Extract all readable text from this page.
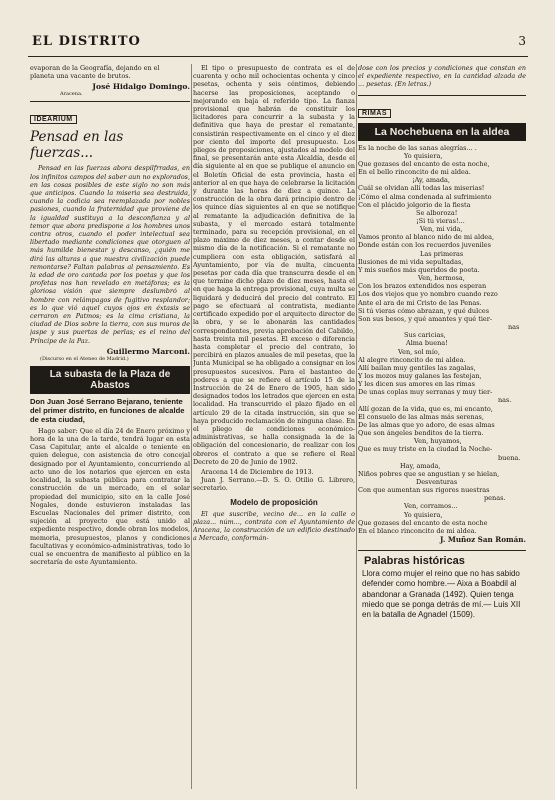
EL DISTRITO	3
evaporan de la Geografía, dejando en el
planeta una vacante de brutos.
José Hidalgo Domingo.
Aracena.
IDEARIUM
Pensad en las fuerzas...

Pensad en las fuerzas abora despilfrradas, en los infinitos campos del saber aun no explorados, en las cosas posibles de este siglo no son más que anticipos. Cuando la miseria sea destruida, cuando la codicia sea reemplazada por nobles pasiones, cuando la fraternidad que proviene de la igualdad sustituya a la desconfianza y al temor que abora predispone a los hombres unos contra otros, cuando el poder intelectual sea libertado mediante condiciones que otorguen al más humilde bienestar y descanso, ¿quién me dirá las alturas a que nuestra civilización puede remontarse? Faltan palabras al pensamiento. Es la edad de oro cantada por los poetas y que los profetas nos han revelado en metáforas; es la gloriosa visión que siempre deslumbró al hombre con relámpagos de fugitivo resplandor; es lo que vió aquel cuyos ojos en éxtasis se cerraron en Patmos; es la cima cristiana, la ciudad de Dios sobre la tierra, con sus muros de jaspe y sus puertas de perlas; es el reino del Príncipe de la Paz.

Guillermo Marconi.
(Discurso en el Ateneo de Madrid.)
La subasta de la Plaza de Abastos
Don Juan José Serrano Bejarano, teniente del primer distrito, en funciones de alcalde de esta ciudad,

Hago saber: Que el día 24 de Enero próximo y hora de la una de la tarde, tendrá lugar en esta Casa Capitular, ante el alcalde o teniente en quien delegue, con asistencia de otro concejal designado por el Ayuntamiento, concurriendo al acto uno de los notarios que ejercen en esta localidad, la subasta pública para contratar la construcción de un mercado, en el solar propiedad del municipio, sito en la calle José Nogales, donde estuvieron instaladas las Escuelas Nacionales del primer distrito, con sujeción al proyecto que está unido al expediente respectivo, donde obran los modelos, memoria, presupuestos, planos y condiciones facultativas y económico-administrativas, todo lo cual se encuentra de manifiesto al público en la secretaría de este Ayuntamiento.

El tipo o presupuesto de contrata es el de cuarenta y ocho mil ochocientas ochenta y cinco pesetas, ochenta y seis céntimos, debiendo hacerse las proposiciones, aceptando o mejorando en baja el referido tipo. La fianza provisional que habrán de constituir los licitadores para concurrir a la subasta y la definitiva que haya de prestar el rematante, consistirán respectivamente en el cinco y el diez por ciento del importe del presupuesto. Los pliegos de proposiciones, ajustados al modelo del final, se presentarán ante esta Alcaldía, desde el día siguiente al en que se publique el anuncio en el Boletín Oficial de esta provincia, hasta el anterior al en que haya de celebrarse la licitación y durante las horas de diez a quince. La construcción de la obra dará principio dentro de los quince días siguientes al en que se notifique al rematante la adjudicación definitiva de la subasta, y el mercado estará totalmente terminado, para su recepción provisional, en el plazo máximo de diez meses, a contar desde el mismo día de la notificación. Si el rematante no cumpliera con esta obligación, satisfará al Ayuntamiento, por vía de multa, cincuenta pesetas por cada día que transcurra desde el en que termine dicho plazo de diez meses, hasta el en que haga la entrega provisional, cuya multa se liquidará y deducirá del precio del contrato. El pago se efectuará al contratista, mediante certificado expedido por el arquitecto director de la obra, y se le abonarán las cantidades correspondientes, previa aprobación del Cabildo, hasta treinta mil pesetas. El exceso o diferencia hasta completar el precio del contrato, lo percibirá en plazos anuales de mil pesetas, que la Junta Municipal se ha obligado a consignar en los presupuestos sucesivos. Para el bastanteo de poderes a que se refiere el artículo 15 de la Instrucción de 24 de Enero de 1905, han sido designados todos los letrados que ejercen en esta localidad. Ha transcurrido el plazo fijado en el artículo 29 de la citada instrucción, sin que se haya producido reclamación de ninguna clase. En el pliego de condiciones económico-administrativas, se halla consignada la de la obligación del concesionario, de realizar con los obreros el contrato a que se refiere el Real Decreto de 20 de Junio de 1902.

Aracena 14 de Diciembre de 1913.

Juan J. Serrano.—D. S. O. Otilio G. Librero, secretario.

Modelo de proposición

El que suscribe, vecino de... en la calle o plaza... núm..., contrata con el Ayuntamiento de Aracena, la construcción de un edificio destinado a Mercado, conformán-

dose con los precios y condiciones que constan en el expediente respectivo, en la cantidad alzada de ... pesetas. (En letras.)

RIMAS
La Nochebuena en la aldea
Es la noche de las sanas alegrías... .
Yo quisiera,
Que gozases del encanto de esta noche,
En el bello rinconcito de mi aldea.
¡Ay, amada,
Cuál se olvidan allí todas las miserias!
¡Cómo el alma condenada al sufrimiento
Con el plácido jolgorio de la fiesta
Se alboroza!
¡Si tú vieras!...
Ven, mi vida,
Vamos pronto al blanco nido de mi aldea,
Donde están con los recuerdos juveniles
Las primeras
Ilusiones de mi vida sepultadas,
Y mis sueños más queridos de poeta.
Ven, hermosa,
Con los brazos extendidos nos esperan
Los dos viejos que yo nombro cuando rezo
Ante el ara de mi Cristo de las Penas.
Si tú vieras cómo abrazan, y qué dulces
Son sus besos, y qué amantes y qué tier-
nas
Sus caricias,
Alma buena!
Ven, sol mío,
Al alegre rinconcito de mi aldea.
Allí bailan muy gentiles las zagalas,
Y los mozos muy galanes las festejan,
Y les dicen sus amores en las rimas
De unas coplas muy serranas y muy tier-
nas.
Allí gozan de la vida, que es, mi encanto,
El consuelo de las almas más serenas,
De las almas que yo adoro, de esas almas
Que son ángeles benditos de la tierra.
Ven, huyamos,
Que es muy triste en la ciudad la Noche-
buena.
Hay, amada,
Niños pobres que se angustian y se hielan,
Desventuras
Con que aumentan sus rigores nuestras
penas.
Ven, corramos...
Yo quisiera,
Que gozases del encanto de esta noche
En el blanco rinconcito de mi aldea.
J. Muñoz San Román.
Palabras históricas
Llora como mujer el reino que no has sabido defender como hombre.— Aixa a Boabdil al abandonar a Granada (1492). Quien tenga miedo que se ponga detrás de mí.— Luis XII en la batalla de Agnadel (1509).
